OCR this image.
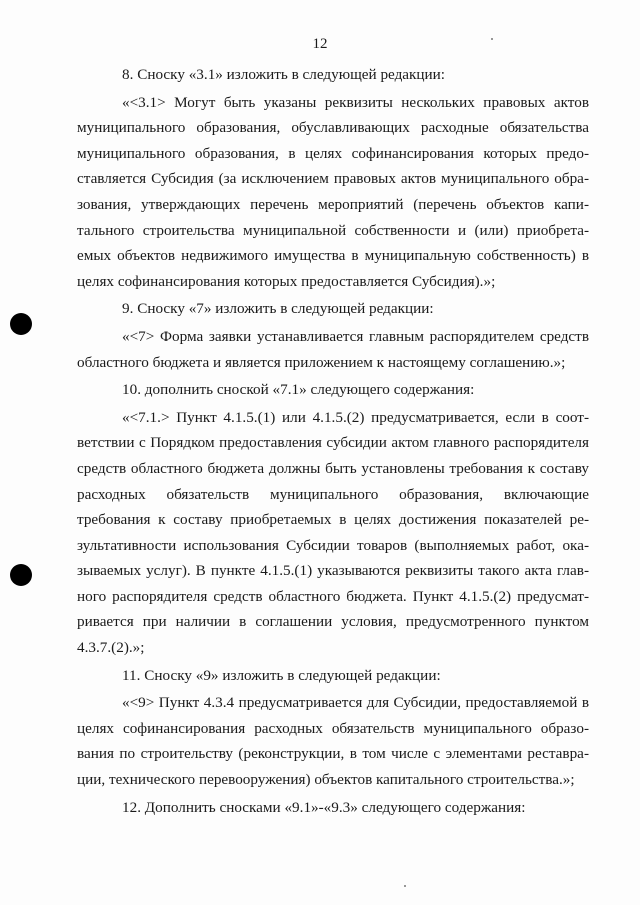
12

8. Сноску «3.1» изложить в следующей редакции:

«<3.1> Могут быть указаны реквизиты нескольких правовых актов муниципального образования, обуславливающих расходные обязательства муниципального образования, в целях софинансирования которых предоставляется Субсидия (за исключением правовых актов муниципального образования, утверждающих перечень мероприятий (перечень объектов капитального строительства муниципальной собственности и (или) приобретаемых объектов недвижимого имущества в муниципальную собственность) в целях софинансирования которых предоставляется Субсидия).»;

9. Сноску «7» изложить в следующей редакции:

«<7> Форма заявки устанавливается главным распорядителем средств областного бюджета и является приложением к настоящему соглашению.»;

10. дополнить сноской «7.1» следующего содержания:

«<7.1.> Пункт 4.1.5.(1) или 4.1.5.(2) предусматривается, если в соответствии с Порядком предоставления субсидии актом главного распорядителя средств областного бюджета должны быть установлены требования к составу расходных обязательств муниципального образования, включающие требования к составу приобретаемых в целях достижения показателей результативности использования Субсидии товаров (выполняемых работ, оказываемых услуг). В пункте 4.1.5.(1) указываются реквизиты такого акта главного распорядителя средств областного бюджета. Пункт 4.1.5.(2) предусматривается при наличии в соглашении условия, предусмотренного пунктом 4.3.7.(2).»;

11. Сноску «9» изложить в следующей редакции:

«<9> Пункт 4.3.4 предусматривается для Субсидии, предоставляемой в целях софинансирования расходных обязательств муниципального образования по строительству (реконструкции, в том числе с элементами реставрации, технического перевооружения) объектов капитального строительства.»;

12. Дополнить сносками «9.1»-«9.3» следующего содержания:
